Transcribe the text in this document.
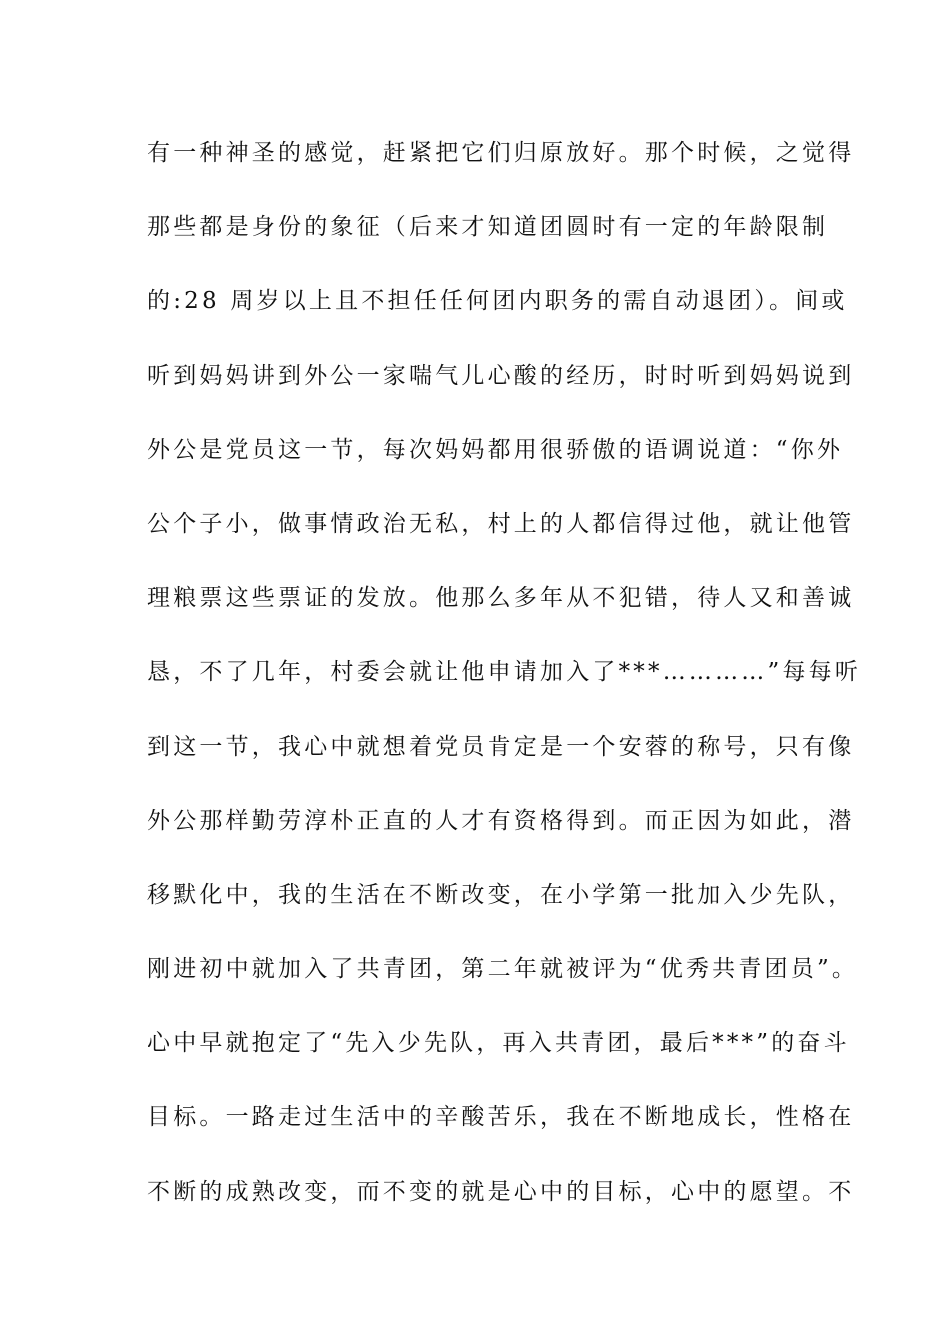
有一种神圣的感觉，赶紧把它们归原放好。那个时候，之觉得
那些都是身份的象征（后来才知道团圆时有一定的年龄限制
的:28 周岁以上且不担任任何团内职务的需自动退团）。间或
听到妈妈讲到外公一家喘气儿心酸的经历，时时听到妈妈说到
外公是党员这一节，每次妈妈都用很骄傲的语调说道：“你外
公个子小，做事情政治无私，村上的人都信得过他，就让他管
理粮票这些票证的发放。他那么多年从不犯错，待人又和善诚
恳，不了几年，村委会就让他申请加入了***…………”每每听
到这一节，我心中就想着党员肯定是一个安蓉的称号，只有像
外公那样勤劳淳朴正直的人才有资格得到。而正因为如此，潜
移默化中，我的生活在不断改变，在小学第一批加入少先队，
刚进初中就加入了共青团，第二年就被评为“优秀共青团员”。
心中早就抱定了“先入少先队，再入共青团，最后***”的奋斗
目标。一路走过生活中的辛酸苦乐，我在不断地成长，性格在
不断的成熟改变，而不变的就是心中的目标，心中的愿望。不
